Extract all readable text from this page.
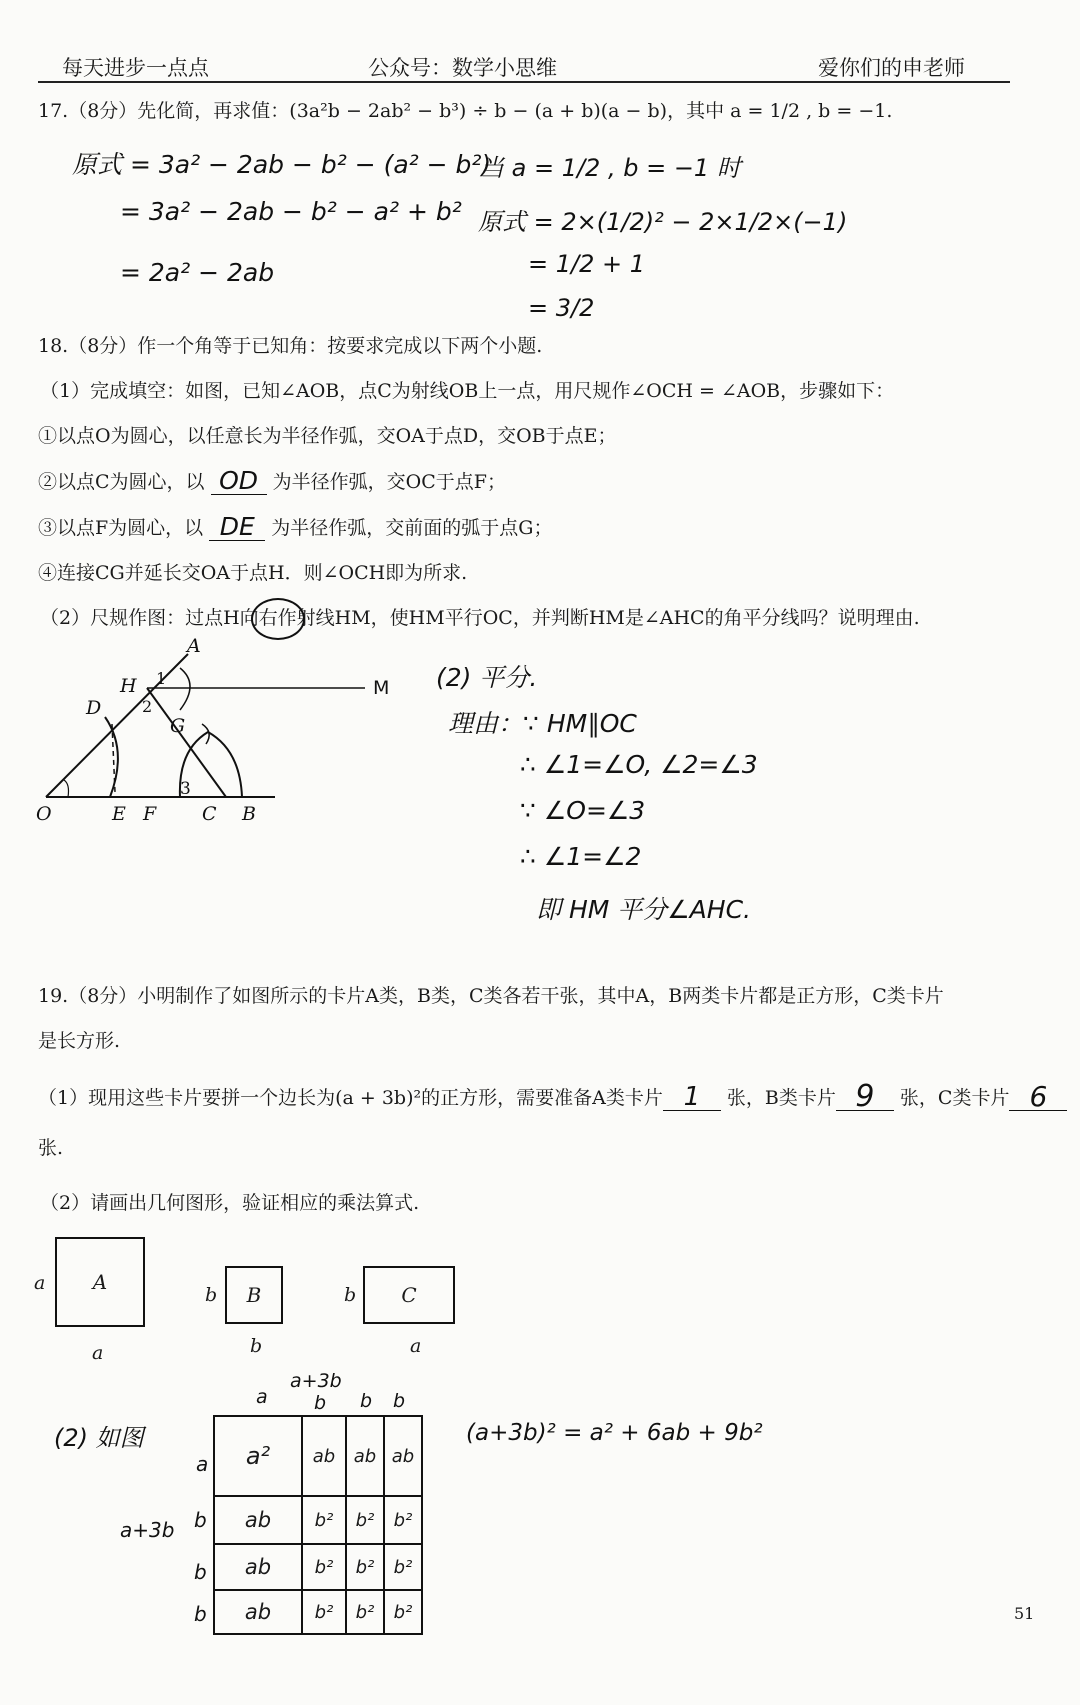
每天进步一点点	公众号：数学小思维	爱你们的申老师
17.（8分）先化简，再求值：(3a²b − 2ab² − b³) ÷ b − (a + b)(a − b)，其中 a = 1/2 , b = −1.
原式 = 3a² − 2ab − b² − (a² − b²)
= 3a² − 2ab − b² − a² + b²
= 2a² − 2ab
当 a = 1/2 , b = −1 时
原式 = 2×(1/2)² − 2×1/2×(−1)
= 1/2 + 1
= 3/2
18.（8分）作一个角等于已知角：按要求完成以下两个小题.
（1）完成填空：如图，已知∠AOB，点C为射线OB上一点，用尺规作∠OCH = ∠AOB，步骤如下：
①以点O为圆心，以任意长为半径作弧，交OA于点D，交OB于点E；
②以点C为圆心，以 OD 为半径作弧，交OC于点F；
③以点F为圆心，以 DE 为半径作弧，交前面的弧于点G；
④连接CG并延长交OA于点H．则∠OCH即为所求.
（2）尺规作图：过点H向右作射线HM，使HM平行OC，并判断HM是∠AHC的角平分线吗？说明理由.
A
H	M
D
G
O	E F C B
1
2
3
(2) 平分.
理由：∵ HM∥OC
∴ ∠1=∠O, ∠2=∠3
∵ ∠O=∠3
∴ ∠1=∠2
即 HM 平分∠AHC.
19.（8分）小明制作了如图所示的卡片A类，B类，C类各若干张，其中A，B两类卡片都是正方形，C类卡片
是长方形.
（1）现用这些卡片要拼一个边长为(a + 3b)²的正方形，需要准备A类卡片 1 张，B类卡片 9 张，C类卡片 6
张.
（2）请画出几何图形，验证相应的乘法算式.
A
a
a
B
b
b
C
b
a
(2) 如图
a
a+3b
b b b
a
a+3b b
b
b
a²	ab	ab ab
ab	b²	b²	b²
ab	b²	b²	b²
ab	b²	b²	b²
(a+3b)² = a² + 6ab + 9b²
51
